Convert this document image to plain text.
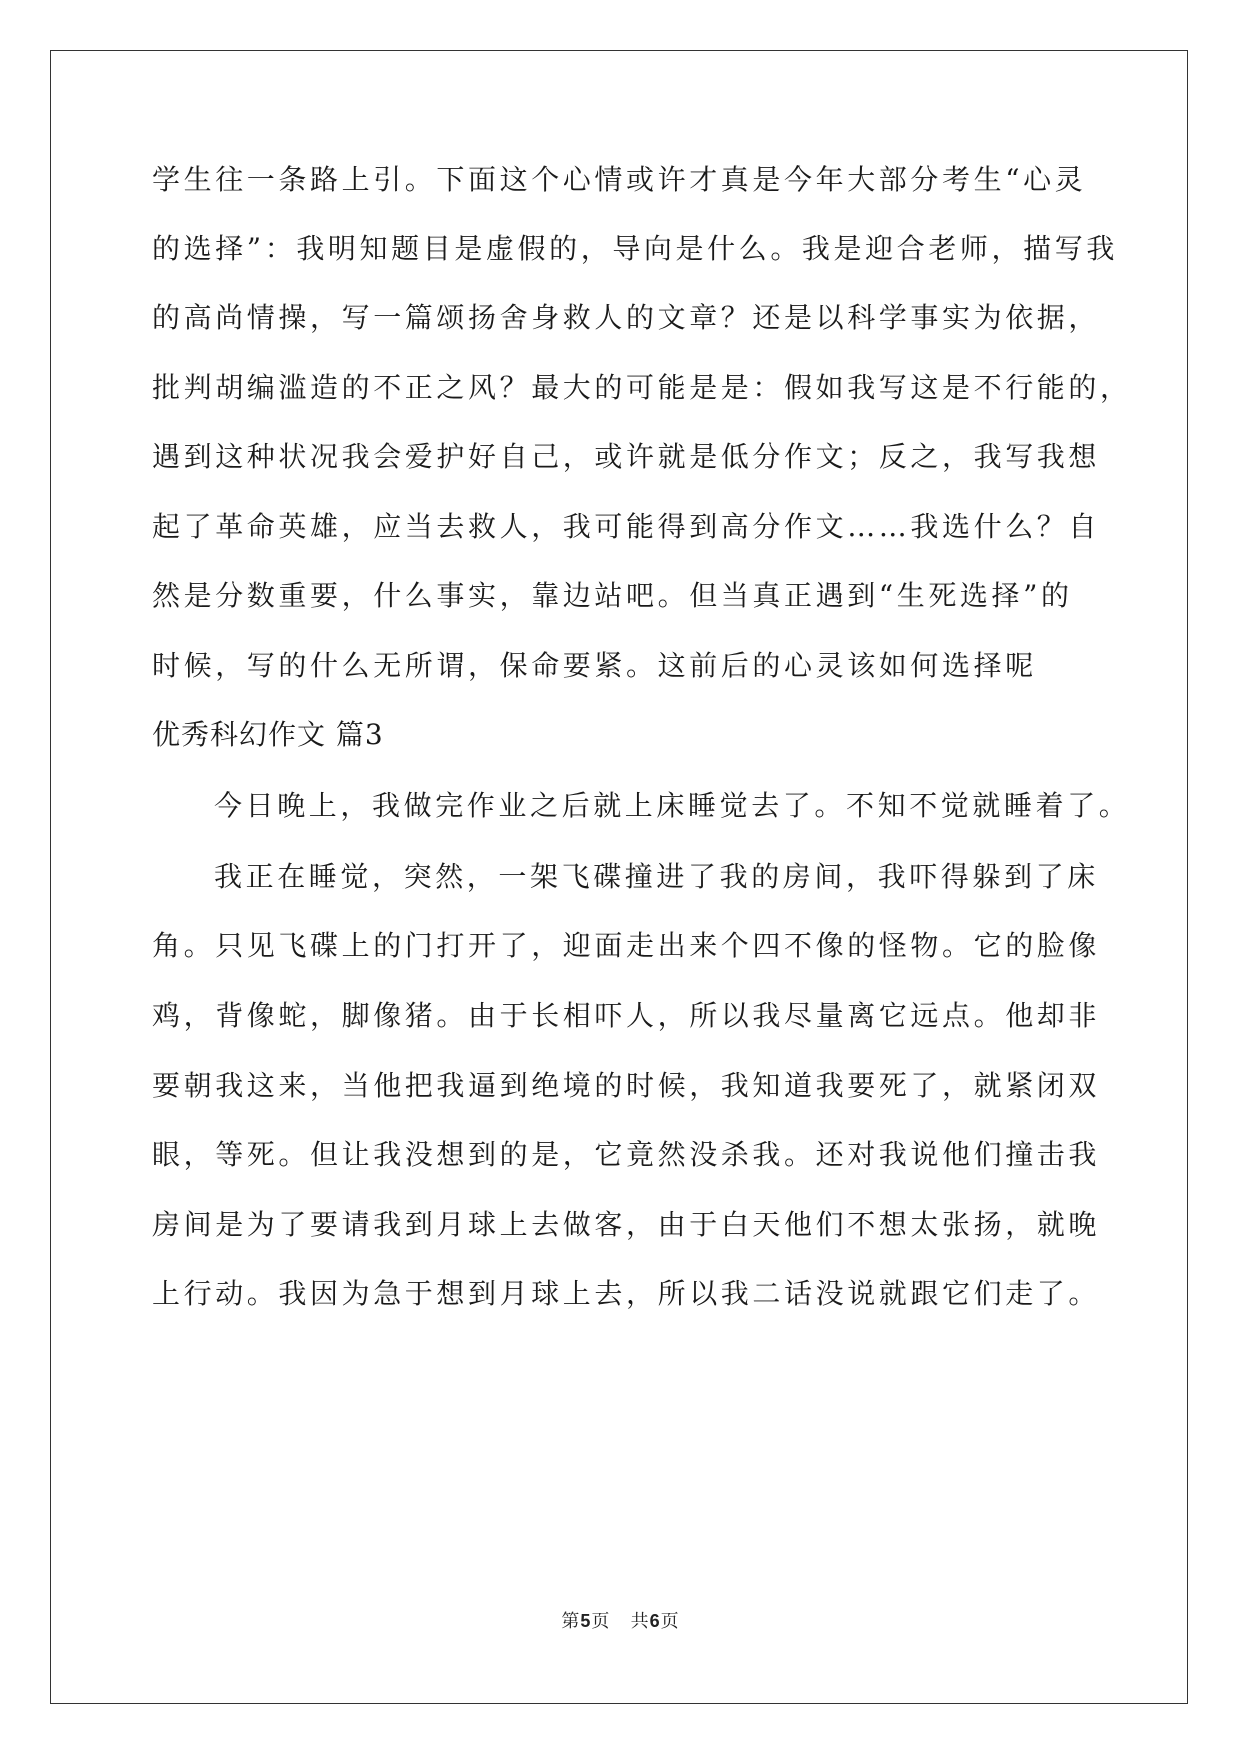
学生往一条路上引。下面这个心情或许才真是今年大部分考生“心灵
的选择”：我明知题目是虚假的，导向是什么。我是迎合老师，描写我
的高尚情操，写一篇颂扬舍身救人的文章？还是以科学事实为依据，
批判胡编滥造的不正之风？最大的可能是是：假如我写这是不行能的，
遇到这种状况我会爱护好自己，或许就是低分作文；反之，我写我想
起了革命英雄，应当去救人，我可能得到高分作文……我选什么？自
然是分数重要，什么事实，靠边站吧。但当真正遇到“生死选择”的
时候，写的什么无所谓，保命要紧。这前后的心灵该如何选择呢
优秀科幻作文 篇3
今日晚上，我做完作业之后就上床睡觉去了。不知不觉就睡着了。
我正在睡觉，突然，一架飞碟撞进了我的房间，我吓得躲到了床
角。只见飞碟上的门打开了，迎面走出来个四不像的怪物。它的脸像
鸡，背像蛇，脚像猪。由于长相吓人，所以我尽量离它远点。他却非
要朝我这来，当他把我逼到绝境的时候，我知道我要死了，就紧闭双
眼，等死。但让我没想到的是，它竟然没杀我。还对我说他们撞击我
房间是为了要请我到月球上去做客，由于白天他们不想太张扬，就晚
上行动。我因为急于想到月球上去，所以我二话没说就跟它们走了。
第5页 共6页
